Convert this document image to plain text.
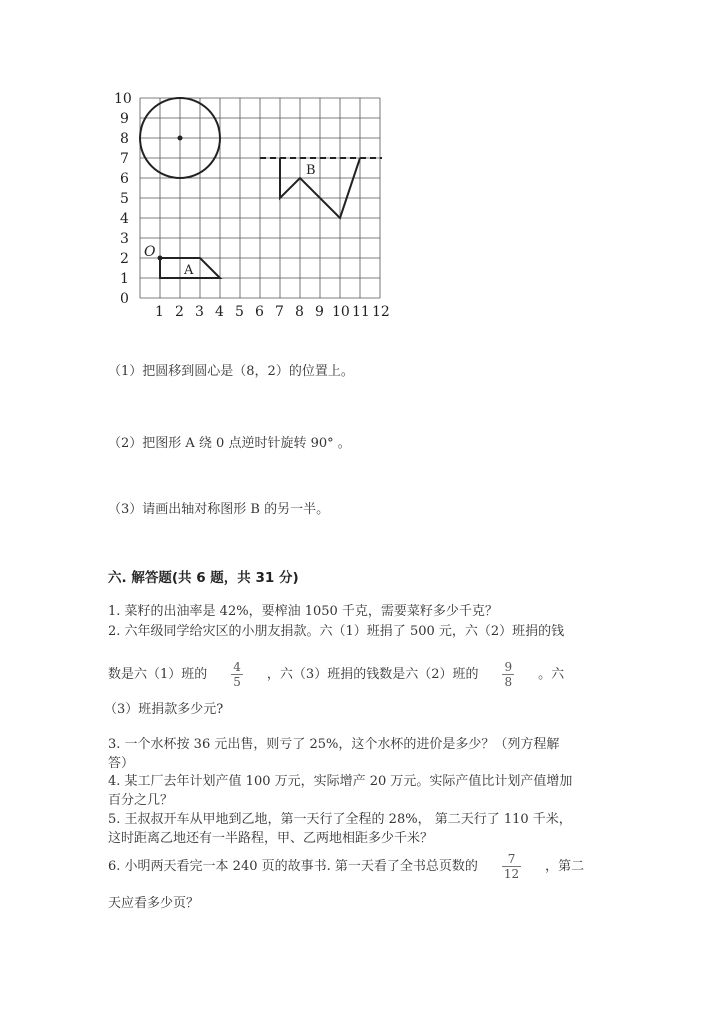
O
A
B
0
1
2
3
4
5
6
7
8
9
10
1 2 3 4 5 6 7 8 9 10 11 12
（1）把圆移到圆心是（8，2）的位置上。
（2）把图形 A 绕 0 点逆时针旋转 90° 。
（3）请画出轴对称图形 B 的另一半。
六. 解答题(共 6 题，共 31 分)
1. 菜籽的出油率是 42%，要榨油 1050 千克，需要菜籽多少千克？
2. 六年级同学给灾区的小朋友捐款。六（1）班捐了 500 元，六（2）班捐的钱
数是六（1）班的 $\frac{4}{5}$ ，六（3）班捐的钱数是六（2）班的 $\frac{9}{8}$ 。六
（3）班捐款多少元?
3. 一个水杯按 36 元出售，则亏了 25%，这个水杯的进价是多少？（列方程解
答）
4. 某工厂去年计划产值 100 万元，实际增产 20 万元。实际产值比计划产值增加
百分之几？
5. 王叔叔开车从甲地到乙地，第一天行了全程的 28%， 第二天行了 110 千米，
这时距离乙地还有一半路程，甲、乙两地相距多少千米？
6. 小明两天看完一本 240 页的故事书. 第一天看了全书总页数的 $\frac{7}{12}$ ，第二
天应看多少页？
